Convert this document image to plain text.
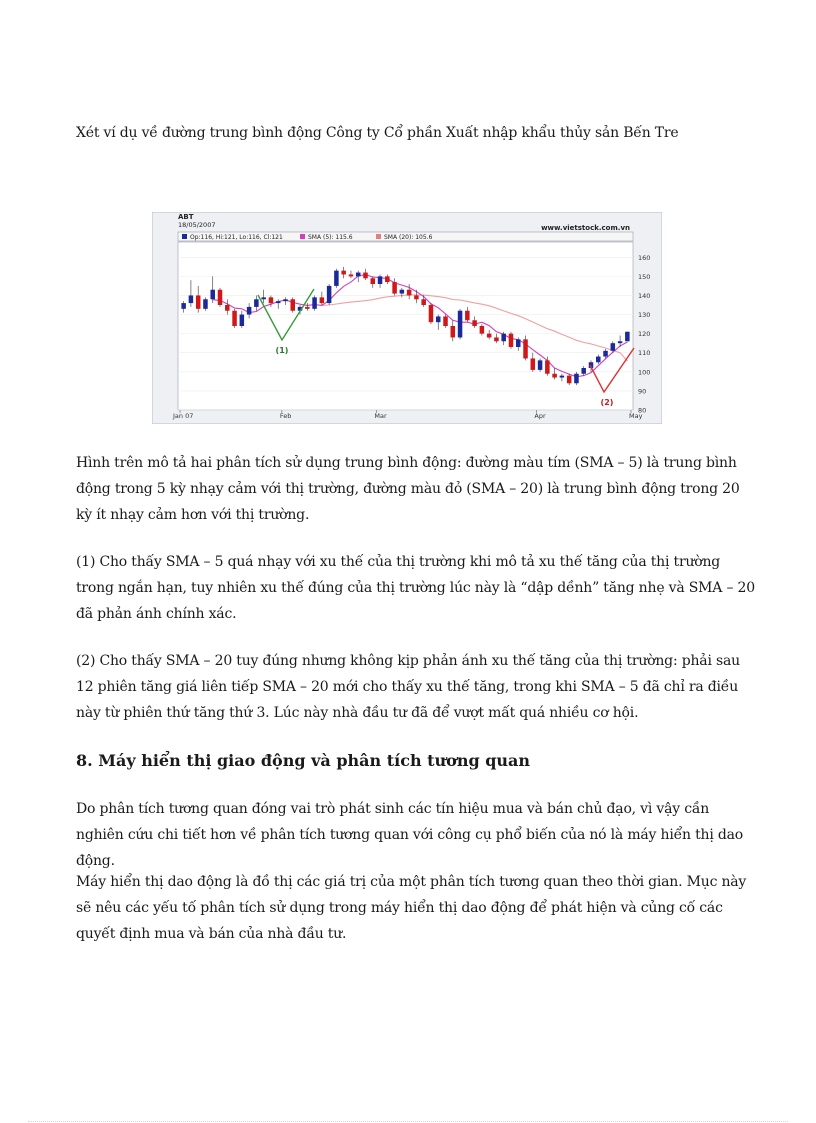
Xét ví dụ về đường trung bình động Công ty Cổ phần Xuất nhập khẩu thủy sản Bến Tre

ABT
18/05/2007	www.vietstock.com.vn
Op:116, Hi:121, Lo:116, Cl:121	SMA (5): 115.6	SMA (20): 105.6
160
150
140
130
120
110
100
90
80
Jan 07	Feb	Mar	Apr	May
(1)
(2)

Hình trên mô tả hai phân tích sử dụng trung bình động: đường màu tím (SMA – 5) là trung bình động trong 5 kỳ nhạy cảm với thị trường, đường màu đỏ (SMA – 20) là trung bình động trong 20 kỳ ít nhạy cảm hơn với thị trường.

(1) Cho thấy SMA – 5 quá nhạy với xu thế của thị trường khi mô tả xu thế tăng của thị trường trong ngắn hạn, tuy nhiên xu thế đúng của thị trường lúc này là “dập dềnh” tăng nhẹ và SMA – 20 đã phản ánh chính xác.

(2) Cho thấy SMA – 20 tuy đúng nhưng không kịp phản ánh xu thế tăng của thị trường: phải sau 12 phiên tăng giá liên tiếp SMA – 20 mới cho thấy xu thế tăng, trong khi SMA – 5 đã chỉ ra điều này từ phiên thứ tăng thứ 3. Lúc này nhà đầu tư đã để vượt mất quá nhiều cơ hội.

8. Máy hiển thị giao động và phân tích tương quan

Do phân tích tương quan đóng vai trò phát sinh các tín hiệu mua và bán chủ đạo, vì vậy cần nghiên cứu chi tiết hơn về phân tích tương quan với công cụ phổ biến của nó là máy hiển thị dao động.

Máy hiển thị dao động là đồ thị các giá trị của một phân tích tương quan theo thời gian. Mục này sẽ nêu các yếu tố phân tích sử dụng trong máy hiển thị dao động để phát hiện và củng cố các quyết định mua và bán của nhà đầu tư.
